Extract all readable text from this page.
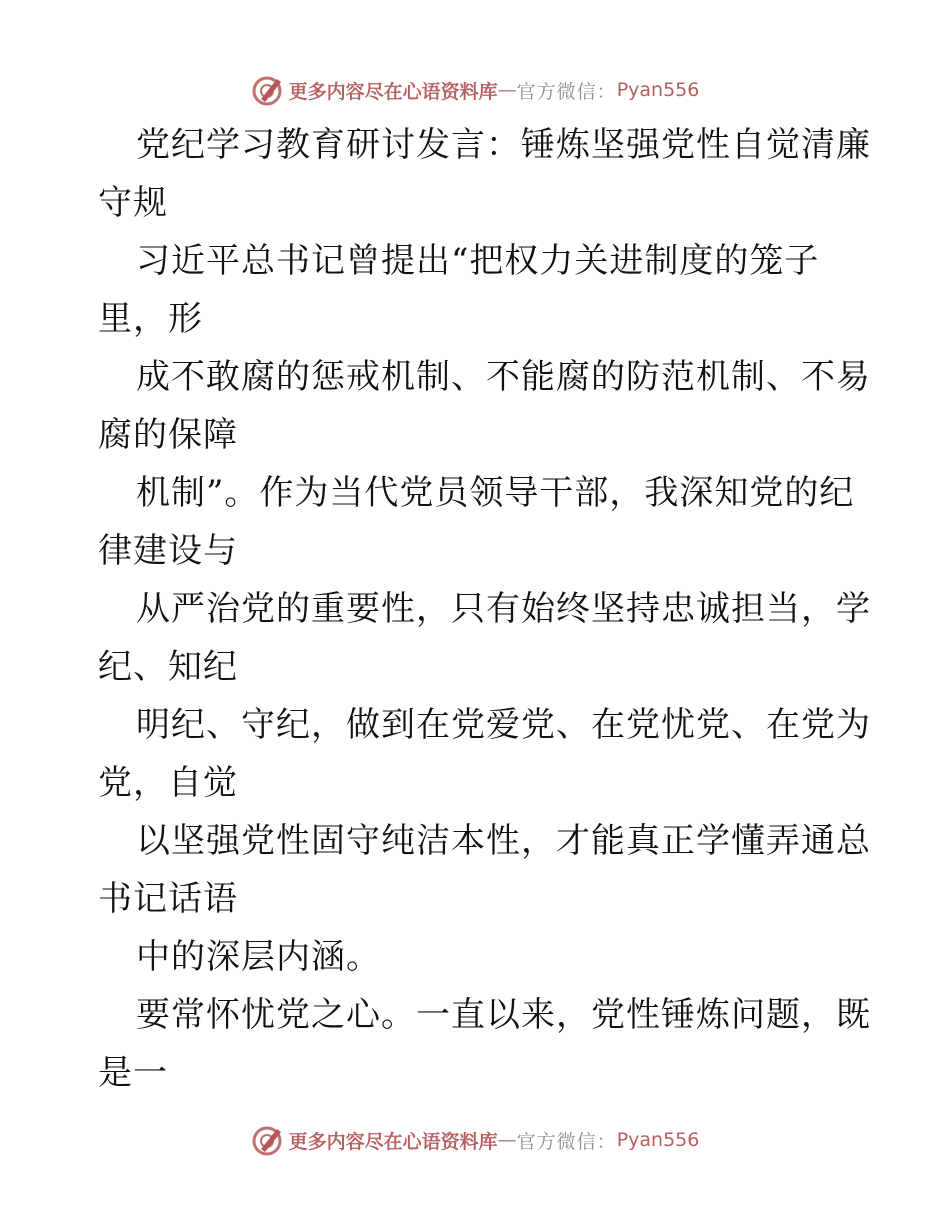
更多内容尽在心语资料库 — 官方微信： Pyan556
党纪学习教育研讨发言：锤炼坚强党性自觉清廉
守规
习近平总书记曾提出“把权力关进制度的笼子
里，形
成不敢腐的惩戒机制、不能腐的防范机制、不易
腐的保障
机制”。作为当代党员领导干部，我深知党的纪
律建设与
从严治党的重要性，只有始终坚持忠诚担当，学
纪、知纪
明纪、守纪，做到在党爱党、在党忧党、在党为
党，自觉
以坚强党性固守纯洁本性，才能真正学懂弄通总
书记话语
中的深层内涵。
要常怀忧党之心。一直以来，党性锤炼问题，既
是一
更多内容尽在心语资料库 — 官方微信： Pyan556
